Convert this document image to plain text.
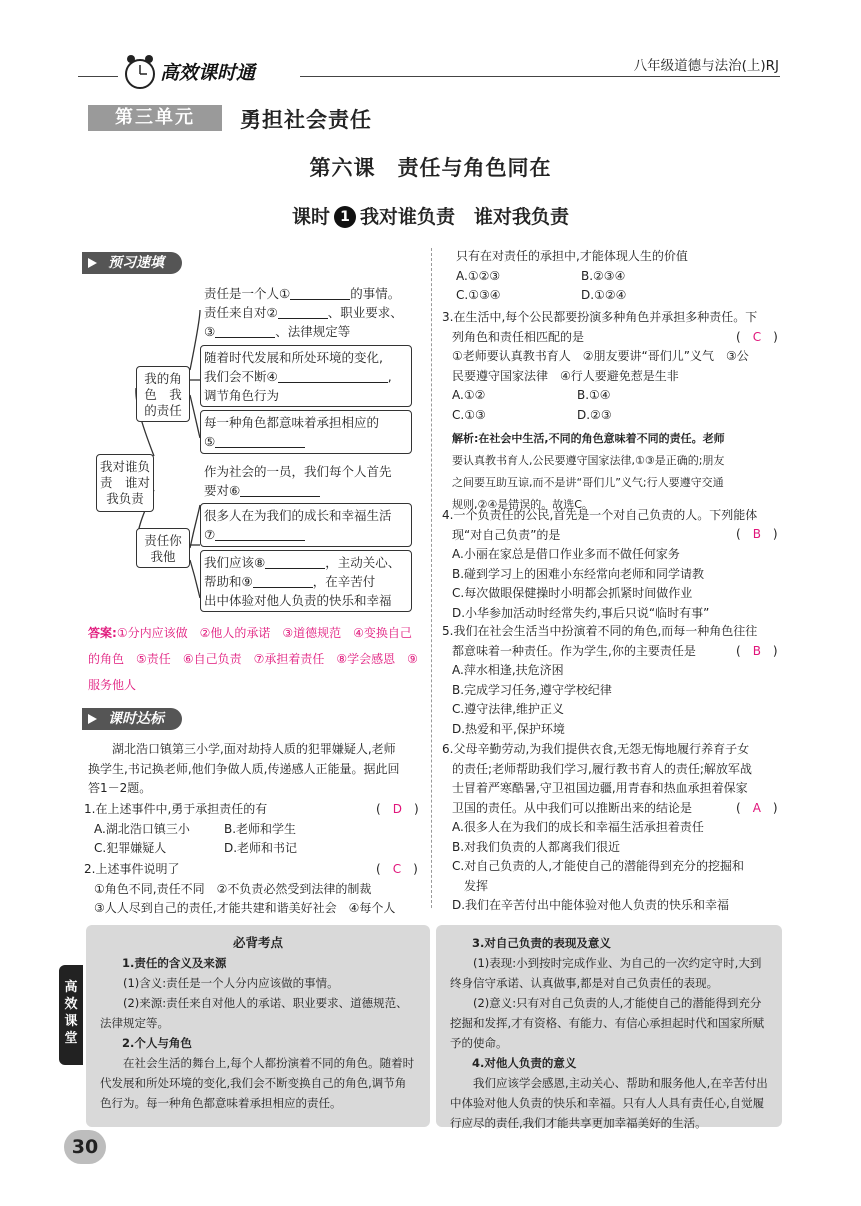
高效课时通	八年级道德与法治(上)RJ
第三单元	勇担社会责任
第六课　责任与角色同在
课时 1 我对谁负责　谁对我负责
预习速填
我对谁负
责　谁对
我负责
我的角
色　我
的责任
责任你
我他
责任是一个人①	的事情。
责任来自对②	、职业要求、
③	、法律规定等
随着时代发展和所处环境的变化,
我们会不断④	,
调节角色行为
每一种角色都意味着承担相应的
⑤
作为社会的一员，我们每个人首先
要对⑥
很多人在为我们的成长和幸福生活
⑦
我们应该⑧	，主动关心、
帮助和⑨	，在辛苦付
出中体验对他人负责的快乐和幸福
答案:①分内应该做　 ②他人的承诺　 ③道德规范　 ④变换自己的角色　 ⑤责任　 ⑥自己负责　 ⑦承担着责任　 ⑧学会感恩　 ⑨服务他人
课时达标
湖北浩口镇第三小学,面对劫持人质的犯罪嫌疑人,老师
换学生,书记换老师,他们争做人质,传递感人正能量。据此回
答1－2题。
1.在上述事件中,勇于承担责任的有
A.湖北浩口镇三小	B.老师和学生
C.犯罪嫌疑人	D.老师和书记
(　D　)
2.上述事件说明了
①角色不同,责任不同　②不负责必然受到法律的制裁
③人人尽到自己的责任,才能共建和谐美好社会　④每个人
(　C　)
只有在对责任的承担中,才能体现人生的价值
A.①②③	B.②③④
C.①③④	D.①②④
3.在生活中,每个公民都要扮演多种角色并承担多种责任。下
列角色和责任相匹配的是
①老师要认真教书育人　②朋友要讲“哥们儿”义气　③公
民要遵守国家法律　④行人要避免惹是生非
A.①②	B.①④
C.①③	D.②③
(　C　)
解析:在社会中生活,不同的角色意味着不同的责任。老师
要认真教书育人,公民要遵守国家法律,①③是正确的;朋友
之间要互助互谅,而不是讲“哥们儿”义气;行人要遵守交通
规则,②④是错误的。故选C。
4.一个负责任的公民,首先是一个对自己负责的人。下列能体
现“对自己负责”的是
A.小丽在家总是借口作业多而不做任何家务
B.碰到学习上的困难小东经常向老师和同学请教
C.每次做眼保健操时小明都会抓紧时间做作业
D.小华参加活动时经常失约,事后只说“临时有事”
(　B　)
5.我们在社会生活当中扮演着不同的角色,而每一种角色往往
都意味着一种责任。作为学生,你的主要责任是
A.萍水相逢,扶危济困
B.完成学习任务,遵守学校纪律
C.遵守法律,维护正义
D.热爱和平,保护环境
(　B　)
6.父母辛勤劳动,为我们提供衣食,无怨无悔地履行养育子女
的责任;老师帮助我们学习,履行教书育人的责任;解放军战
士冒着严寒酷暑,守卫祖国边疆,用青春和热血承担着保家
卫国的责任。从中我们可以推断出来的结论是
A.很多人在为我们的成长和幸福生活承担着责任
B.对我们负责的人都离我们很近
C.对自己负责的人,才能使自己的潜能得到充分的挖掘和
　发挥
D.我们在辛苦付出中能体验对他人负责的快乐和幸福
(　A　)
必背考点
1.责任的含义及来源
(1)含义:责任是一个人分内应该做的事情。
(2)来源:责任来自对他人的承诺、职业要求、道德规范、法律规定等。
2.个人与角色
在社会生活的舞台上,每个人都扮演着不同的角色。随着时代发展和所处环境的变化,我们会不断变换自己的角色,调节角色行为。每一种角色都意味着承担相应的责任。
3.对自己负责的表现及意义
(1)表现:小到按时完成作业、为自己的一次约定守时,大到终身信守承诺、认真做事,都是对自己负责任的表现。
(2)意义:只有对自己负责的人,才能使自己的潜能得到充分挖掘和发挥,才有资格、有能力、有信心承担起时代和国家所赋予的使命。
4.对他人负责的意义
我们应该学会感恩,主动关心、帮助和服务他人,在辛苦付出中体验对他人负责的快乐和幸福。只有人人具有责任心,自觉履行应尽的责任,我们才能共享更加幸福美好的生活。
高
效
课
堂
30
